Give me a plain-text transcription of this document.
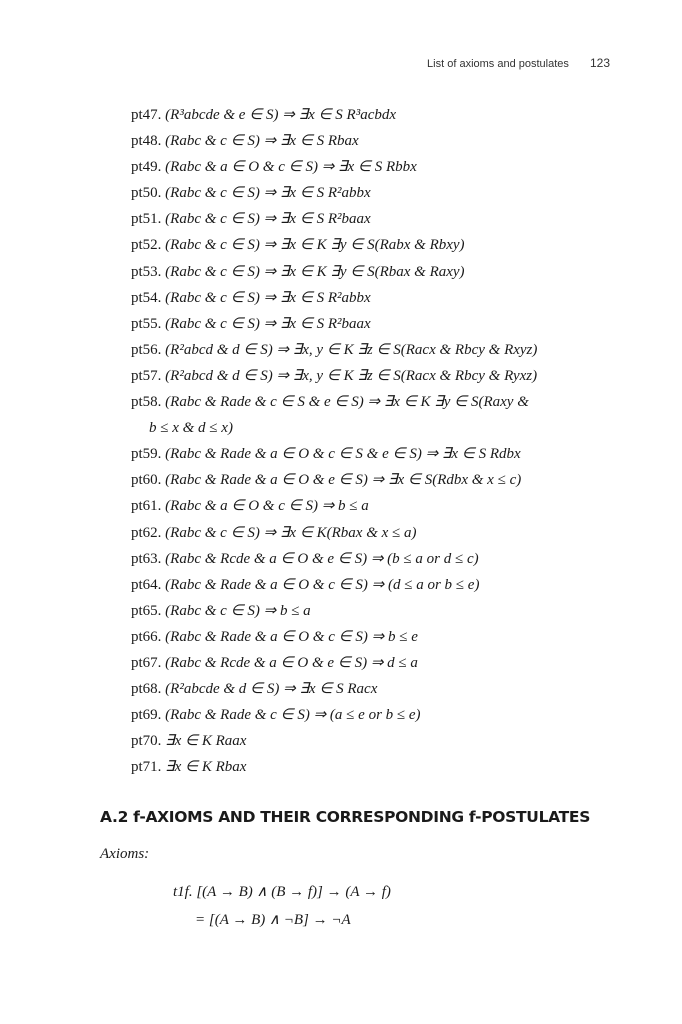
List of axioms and postulates 123
pt47. (R³abcde & e ∈ S) ⇒ ∃x ∈ S R³acbdx
pt48. (Rabc & c ∈ S) ⇒ ∃x ∈ S Rbax
pt49. (Rabc & a ∈ O & c ∈ S) ⇒ ∃x ∈ S Rbbx
pt50. (Rabc & c ∈ S) ⇒ ∃x ∈ S R²abbx
pt51. (Rabc & c ∈ S) ⇒ ∃x ∈ S R²baax
pt52. (Rabc & c ∈ S) ⇒ ∃x ∈ K ∃y ∈ S(Rabx & Rbxy)
pt53. (Rabc & c ∈ S) ⇒ ∃x ∈ K ∃y ∈ S(Rbax & Raxy)
pt54. (Rabc & c ∈ S) ⇒ ∃x ∈ S R²abbx
pt55. (Rabc & c ∈ S) ⇒ ∃x ∈ S R²baax
pt56. (R²abcd & d ∈ S) ⇒ ∃x, y ∈ K ∃z ∈ S(Racx & Rbcy & Rxyz)
pt57. (R²abcd & d ∈ S) ⇒ ∃x, y ∈ K ∃z ∈ S(Racx & Rbcy & Ryxz)
pt58. (Rabc & Rade & c ∈ S & e ∈ S) ⇒ ∃x ∈ K ∃y ∈ S(Raxy &
b ≤ x & d ≤ x)
pt59. (Rabc & Rade & a ∈ O & c ∈ S & e ∈ S) ⇒ ∃x ∈ S Rdbx
pt60. (Rabc & Rade & a ∈ O & e ∈ S) ⇒ ∃x ∈ S(Rdbx & x ≤ c)
pt61. (Rabc & a ∈ O & c ∈ S) ⇒ b ≤ a
pt62. (Rabc & c ∈ S) ⇒ ∃x ∈ K(Rbax & x ≤ a)
pt63. (Rabc & Rcde & a ∈ O & e ∈ S) ⇒ (b ≤ a or d ≤ c)
pt64. (Rabc & Rade & a ∈ O & c ∈ S) ⇒ (d ≤ a or b ≤ e)
pt65. (Rabc & c ∈ S) ⇒ b ≤ a
pt66. (Rabc & Rade & a ∈ O & c ∈ S) ⇒ b ≤ e
pt67. (Rabc & Rcde & a ∈ O & e ∈ S) ⇒ d ≤ a
pt68. (R²abcde & d ∈ S) ⇒ ∃x ∈ S Racx
pt69. (Rabc & Rade & c ∈ S) ⇒ (a ≤ e or b ≤ e)
pt70. ∃x ∈ K Raax
pt71. ∃x ∈ K Rbax
A.2 f-AXIOMS AND THEIR CORRESPONDING f-POSTULATES
Axioms:
t1f. [(A → B) ∧ (B → f)] → (A → f)
= [(A → B) ∧ ¬B] → ¬A
